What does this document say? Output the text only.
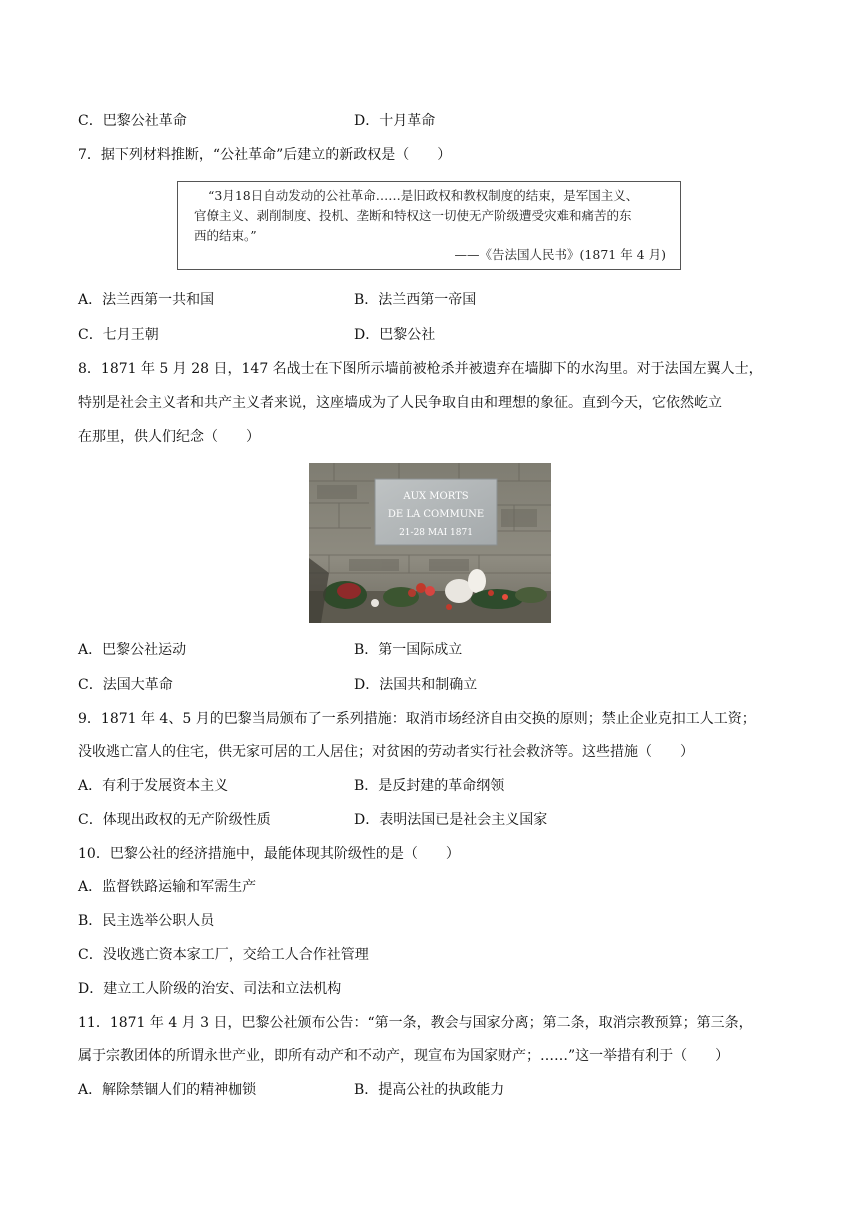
C．巴黎公社革命	D．十月革命
7．据下列材料推断，“公社革命”后建立的新政权是（　　）
“3月18日自动发动的公社革命……是旧政权和教权制度的结束，是军国主义、
官僚主义、剥削制度、投机、垄断和特权这一切使无产阶级遭受灾难和痛苦的东
西的结束。”
——《告法国人民书》(1871 年 4 月)
A．法兰西第一共和国	B．法兰西第一帝国
C．七月王朝	D．巴黎公社
8．1871 年 5 月 28 日，147 名战士在下图所示墙前被枪杀并被遗弃在墙脚下的水沟里。对于法国左翼人士，
特别是社会主义者和共产主义者来说，这座墙成为了人民争取自由和理想的象征。直到今天，它依然屹立
在那里，供人们纪念（　　）
AUX MORTS
DE LA COMMUNE
21-28 MAI 1871
A．巴黎公社运动	B．第一国际成立
C．法国大革命	D．法国共和制确立
9．1871 年 4、5 月的巴黎当局颁布了一系列措施：取消市场经济自由交换的原则；禁止企业克扣工人工资；
没收逃亡富人的住宅，供无家可居的工人居住；对贫困的劳动者实行社会救济等。这些措施（　　）
A．有利于发展资本主义	B．是反封建的革命纲领
C．体现出政权的无产阶级性质	D．表明法国已是社会主义国家
10．巴黎公社的经济措施中，最能体现其阶级性的是（　　）
A．监督铁路运输和军需生产
B．民主选举公职人员
C．没收逃亡资本家工厂，交给工人合作社管理
D．建立工人阶级的治安、司法和立法机构
11．1871 年 4 月 3 日，巴黎公社颁布公告：“第一条，教会与国家分离；第二条，取消宗教预算；第三条，
属于宗教团体的所谓永世产业，即所有动产和不动产，现宣布为国家财产；……”这一举措有利于（　　）
A．解除禁锢人们的精神枷锁	B．提高公社的执政能力
